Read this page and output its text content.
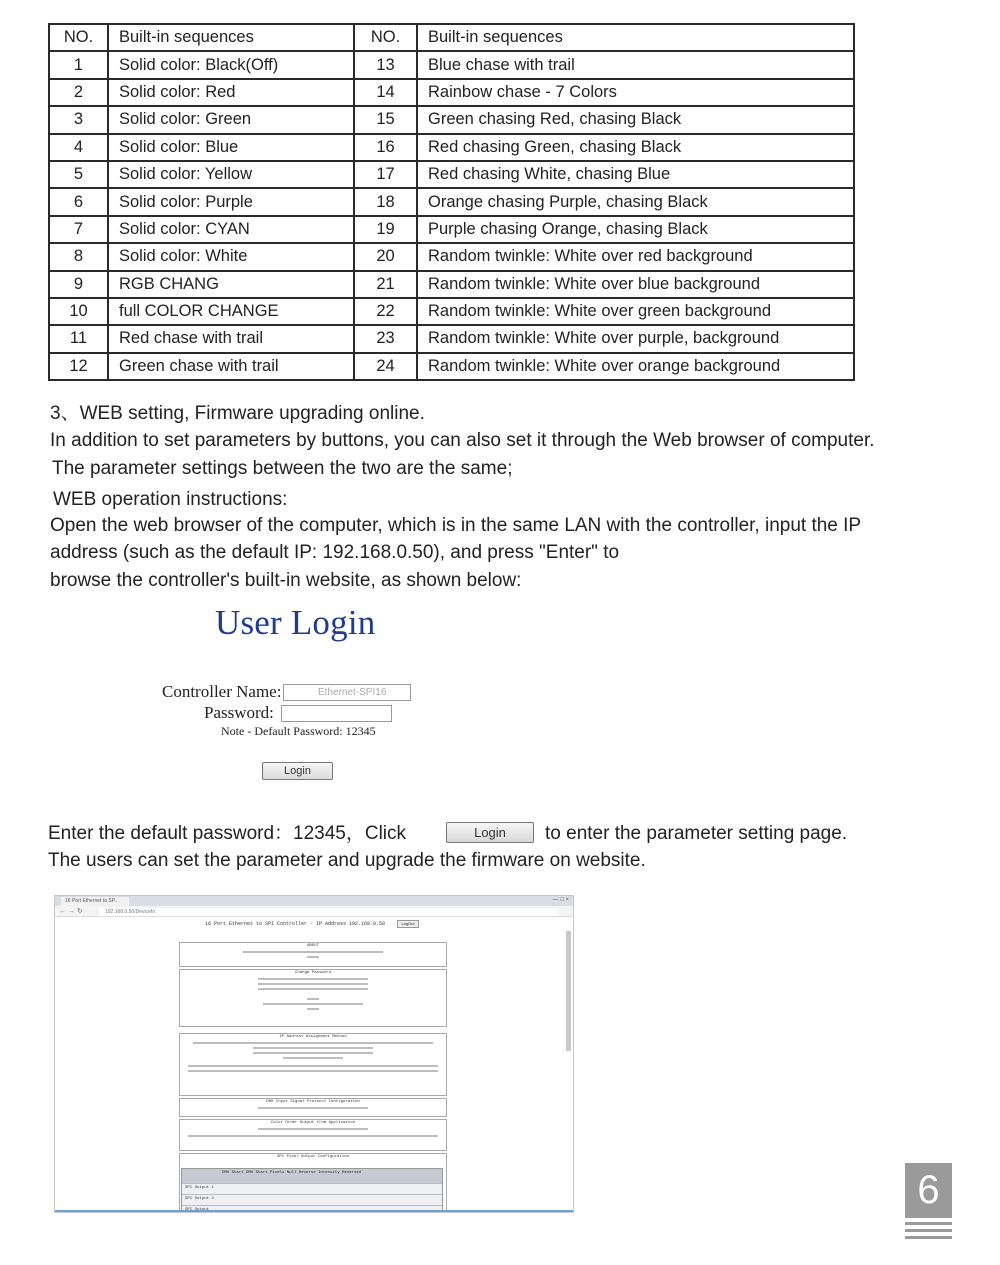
NO.	Built-in sequences	NO.	Built-in sequences
1	Solid color: Black(Off)	13	Blue chase with trail
2	Solid color: Red	14	Rainbow chase - 7 Colors
3	Solid color: Green	15	Green chasing Red, chasing Black
4	Solid color: Blue	16	Red chasing Green, chasing Black
5	Solid color: Yellow	17	Red chasing White, chasing Blue
6	Solid color: Purple	18	Orange chasing Purple, chasing Black
7	Solid color: CYAN	19	Purple chasing Orange, chasing Black
8	Solid color: White	20	Random twinkle: White over red background
9	RGB CHANG	21	Random twinkle: White over blue background
10	full COLOR CHANGE	22	Random twinkle: White over green background
11	Red chase with trail	23	Random twinkle: White over purple, background
12	Green chase with trail	24	Random twinkle: White over orange background
3、WEB setting, Firmware upgrading online.
In addition to set parameters by buttons, you can also set it through the Web browser of computer.
The parameter settings between the two are the same;
WEB operation instructions:
Open the web browser of the computer, which is in the same LAN with the controller, input the IP
address (such as the default IP: 192.168.0.50), and press "Enter" to
browse the controller's built-in website, as shown below:
User Login
Controller Name:	Ethernet-SPI16
Password:
Note - Default Password: 12345
Login
Enter the default password：12345，Click	Login	to enter the parameter setting page.
The users can set the parameter and upgrade the firmware on website.
16 Port Ethernet to SP..	— □ ×
← → ↻	192.168.0.50/Devicefo
16 Port Ethernet to SPI Controller · IP Address 192.168.0.50	LogOut
ABOUT
Change Password
IP Address Assignment Method
DMX Input Signal Protocol Configuration
Color Order Output from Application
SPI Pixel Output Configuration
DMX Start DMX Start Pixels Null Reverse Intensity Reversed
SPI Output 1
SPI Output 2	6
